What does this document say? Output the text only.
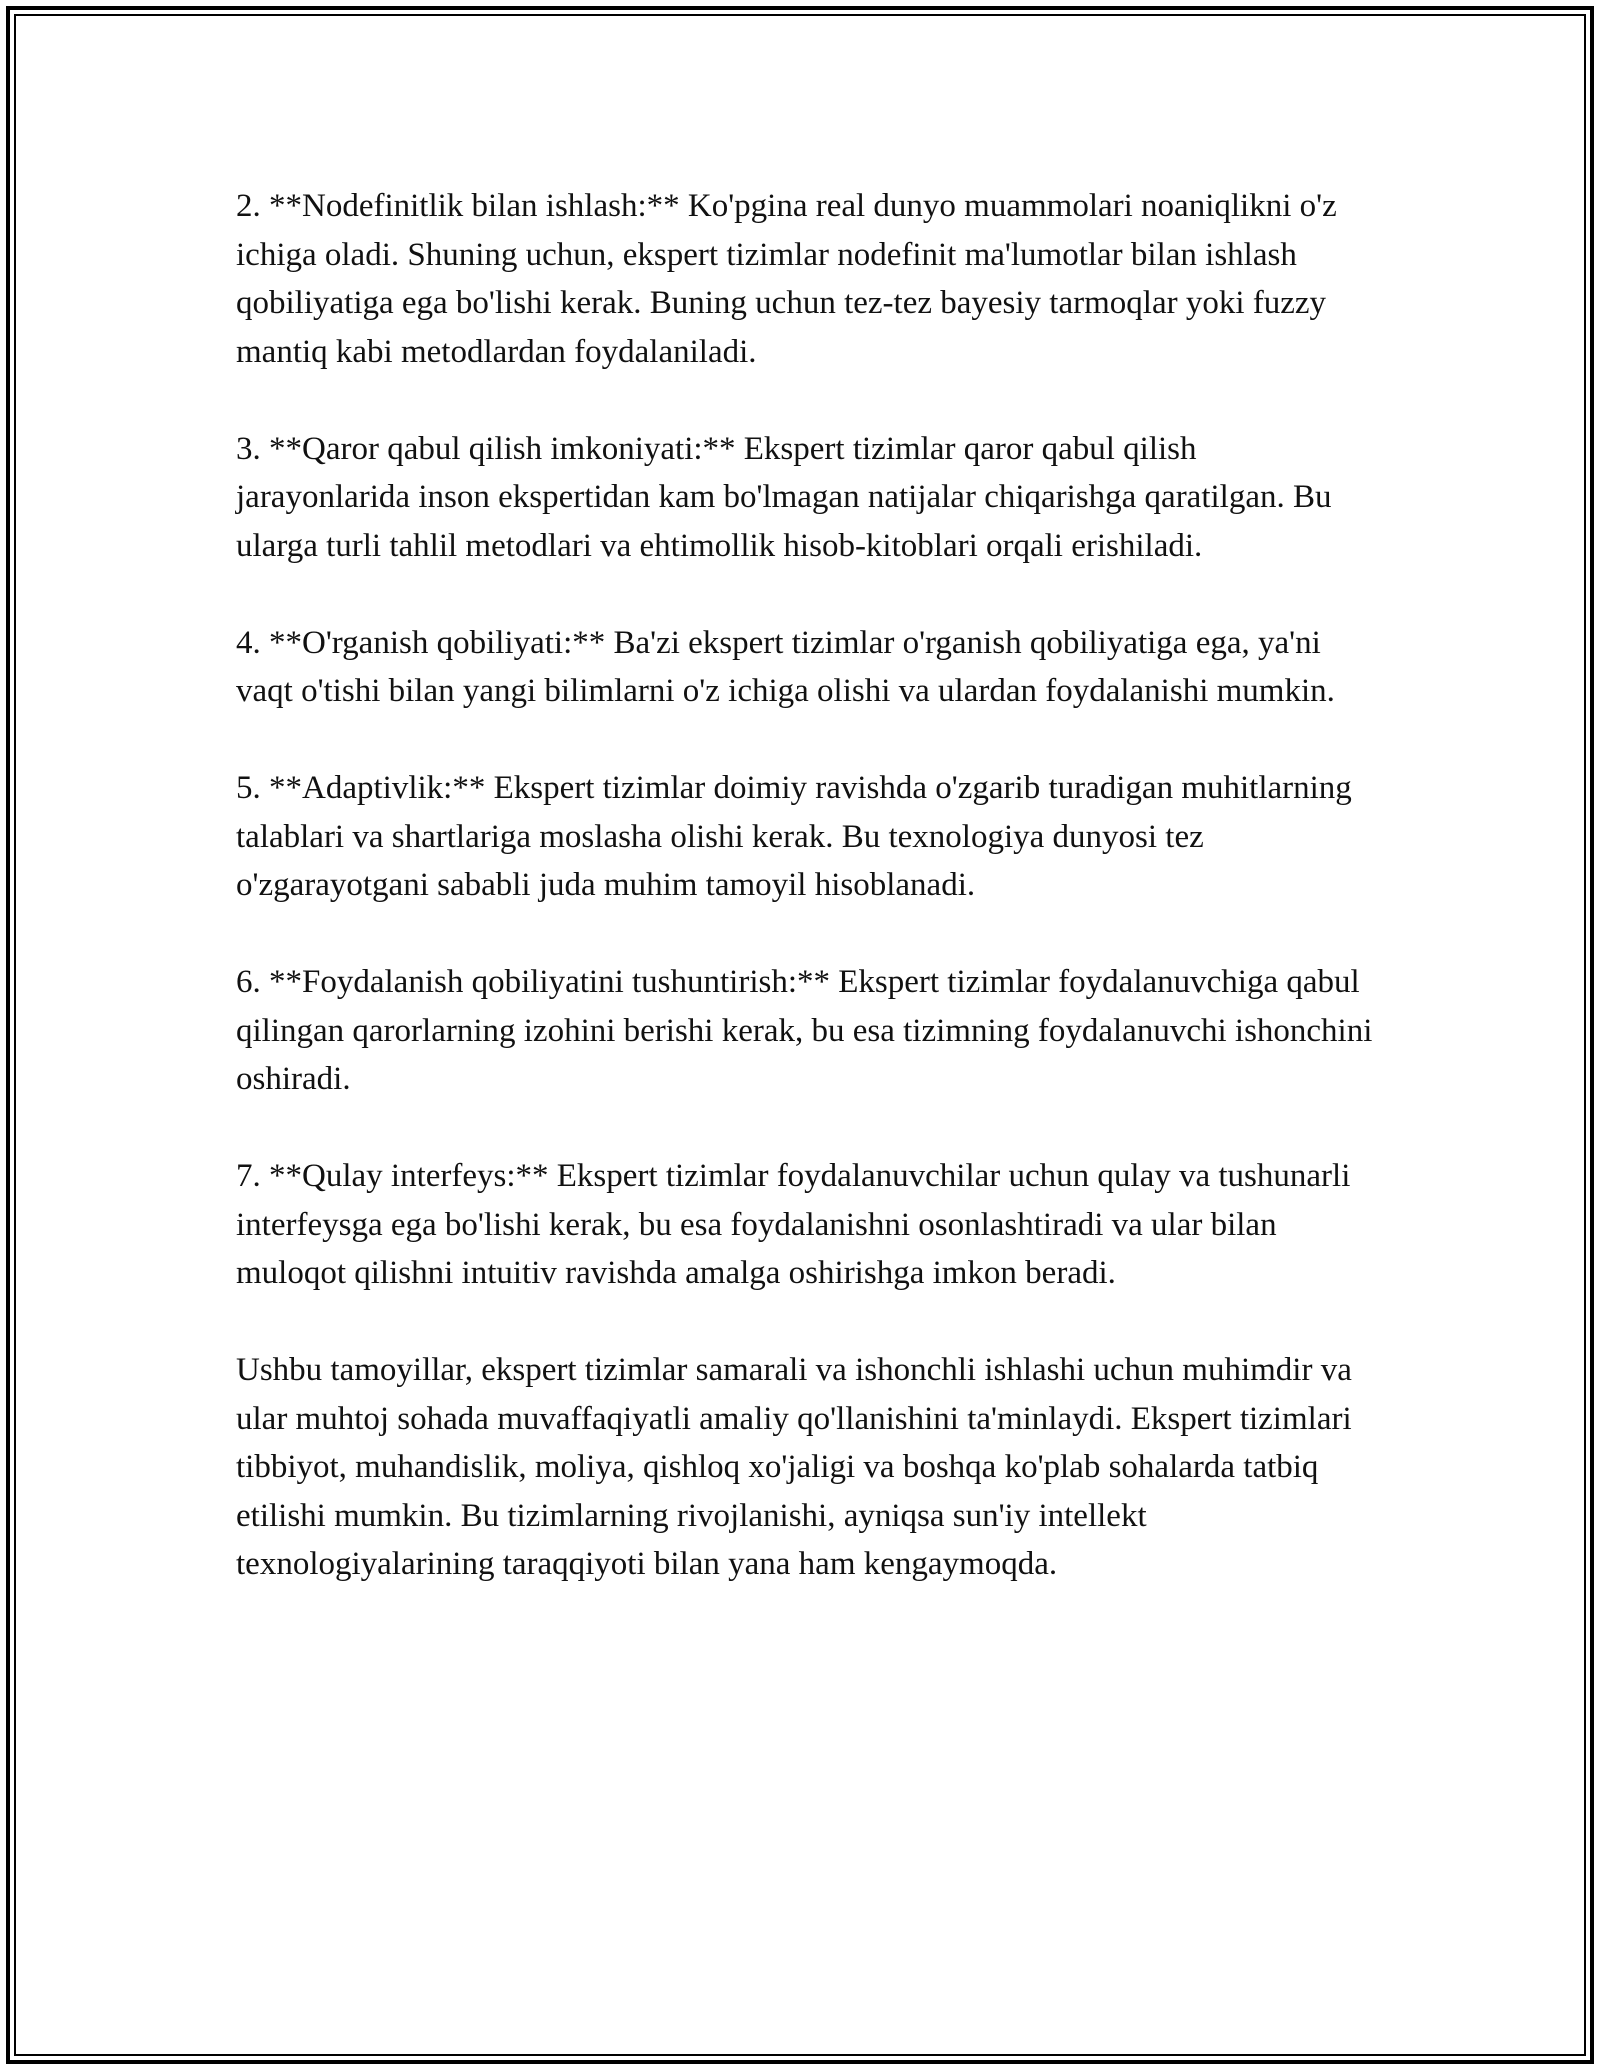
2. **Nodefinitlik bilan ishlash:** Ko'pgina real dunyo muammolari noaniqlikni o'z ichiga oladi. Shuning uchun, ekspert tizimlar nodefinit ma'lumotlar bilan ishlash qobiliyatiga ega bo'lishi kerak. Buning uchun tez-tez bayesiy tarmoqlar yoki fuzzy mantiq kabi metodlardan foydalaniladi.

3. **Qaror qabul qilish imkoniyati:** Ekspert tizimlar qaror qabul qilish jarayonlarida inson ekspertidan kam bo'lmagan natijalar chiqarishga qaratilgan. Bu ularga turli tahlil metodlari va ehtimollik hisob-kitoblari orqali erishiladi.

4. **O'rganish qobiliyati:** Ba'zi ekspert tizimlar o'rganish qobiliyatiga ega, ya'ni vaqt o'tishi bilan yangi bilimlarni o'z ichiga olishi va ulardan foydalanishi mumkin.

5. **Adaptivlik:** Ekspert tizimlar doimiy ravishda o'zgarib turadigan muhitlarning talablari va shartlariga moslasha olishi kerak. Bu texnologiya dunyosi tez o'zgarayotgani sababli juda muhim tamoyil hisoblanadi.

6. **Foydalanish qobiliyatini tushuntirish:** Ekspert tizimlar foydalanuvchiga qabul qilingan qarorlarning izohini berishi kerak, bu esa tizimning foydalanuvchi ishonchini oshiradi.

7. **Qulay interfeys:** Ekspert tizimlar foydalanuvchilar uchun qulay va tushunarli interfeysga ega bo'lishi kerak, bu esa foydalanishni osonlashtiradi va ular bilan muloqot qilishni intuitiv ravishda amalga oshirishga imkon beradi.

Ushbu tamoyillar, ekspert tizimlar samarali va ishonchli ishlashi uchun muhimdir va ular muhtoj sohada muvaffaqiyatli amaliy qo'llanishini ta'minlaydi. Ekspert tizimlari tibbiyot, muhandislik, moliya, qishloq xo'jaligi va boshqa ko'plab sohalarda tatbiq etilishi mumkin. Bu tizimlarning rivojlanishi, ayniqsa sun'iy intellekt texnologiyalarining taraqqiyoti bilan yana ham kengaymoqda.
